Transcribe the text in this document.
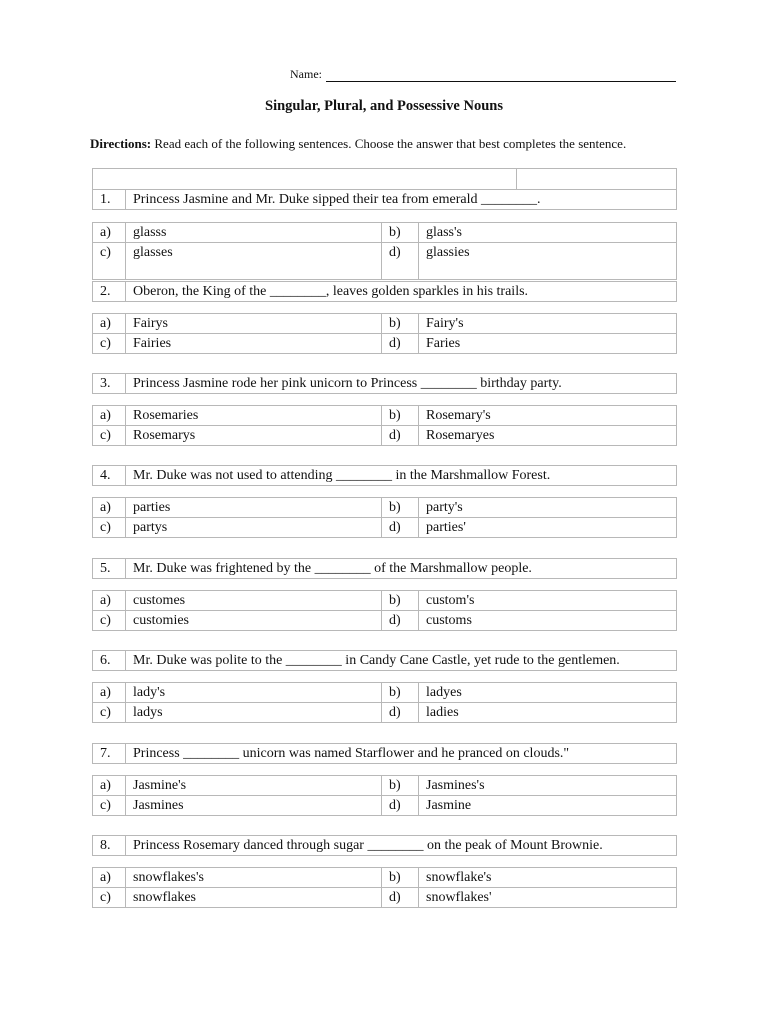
Name:
Singular, Plural, and Possessive Nouns
Directions: Read each of the following sentences. Choose the answer that best completes the sentence.

1.	Princess Jasmine and Mr. Duke sipped their tea from emerald ________.	
a)	glasss	b)	glass's
c)	glasses	d)	glassies
2.	Oberon, the King of the ________, leaves golden sparkles in his trails.
a)	Fairys	b)	Fairy's
c)	Fairies	d)	Faries
3.	Princess Jasmine rode her pink unicorn to Princess ________ birthday party.
a)	Rosemaries	b)	Rosemary's
c)	Rosemarys	d)	Rosemaryes
4.	Mr. Duke was not used to attending ________ in the Marshmallow Forest.
a)	parties	b)	party's
c)	partys	d)	parties'
5.	Mr. Duke was frightened by the ________ of the Marshmallow people.
a)	customes	b)	custom's
c)	customies	d)	customs
6.	Mr. Duke was polite to the ________ in Candy Cane Castle, yet rude to the gentlemen.
a)	lady's	b)	ladyes
c)	ladys	d)	ladies
7.	Princess ________ unicorn was named Starflower and he pranced on clouds."
a)	Jasmine's	b)	Jasmines's
c)	Jasmines	d)	Jasmine
8.	Princess Rosemary danced through sugar ________ on the peak of Mount Brownie.
a)	snowflakes's	b)	snowflake's
c)	snowflakes	d)	snowflakes'
